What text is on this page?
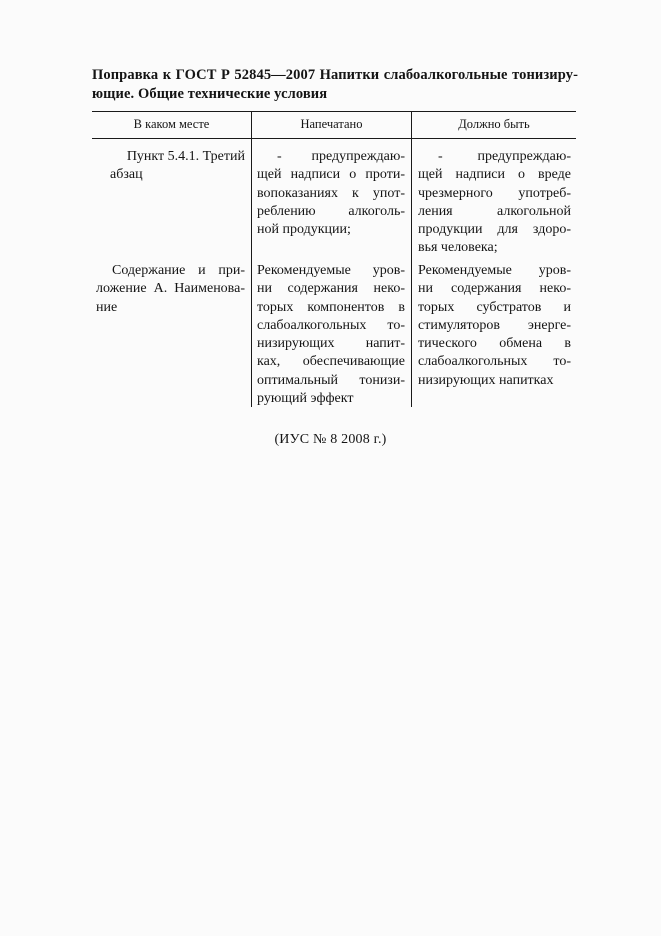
Поправка к ГОСТ Р 52845—2007 Напитки слабоалкогольные тонизиру-
ющие. Общие технические условия
В каком месте	Напечатано	Должно быть
Пункт 5.4.1. Третий
абзац
- предупреждаю-
щей надписи о проти-
вопоказаниях к упот-
реблению алкоголь-
ной продукции;
- предупреждаю-
щей надписи о вреде
чрезмерного употреб-
ления алкогольной
продукции для здоро-
вья человека;
Содержание и при-
ложение А. Наименова-
ние
Рекомендуемые уров-
ни содержания неко-
торых компонентов в
слабоалкогольных то-
низирующих напит-
ках, обеспечивающие
оптимальный тонизи-
рующий эффект
Рекомендуемые уров-
ни содержания неко-
торых субстратов и
стимуляторов энерге-
тического обмена в
слабоалкогольных то-
низирующих напитках
(ИУС № 8 2008 г.)
